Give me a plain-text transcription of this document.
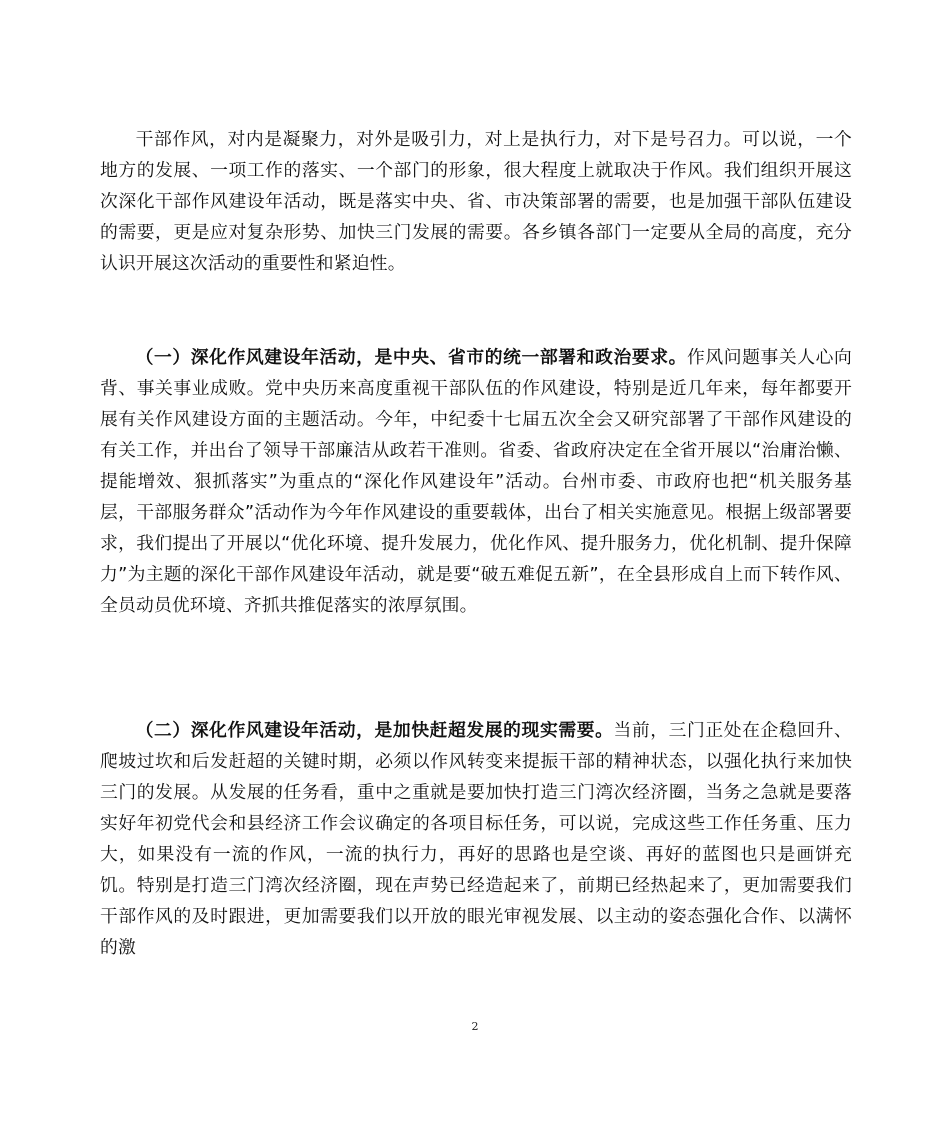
干部作风，对内是凝聚力，对外是吸引力，对上是执行力，对下是号召力。可以说，一个地方的发展、一项工作的落实、一个部门的形象，很大程度上就取决于作风。我们组织开展这次深化干部作风建设年活动，既是落实中央、省、市决策部署的需要，也是加强干部队伍建设的需要，更是应对复杂形势、加快三门发展的需要。各乡镇各部门一定要从全局的高度，充分认识开展这次活动的重要性和紧迫性。

（一）深化作风建设年活动，是中央、省市的统一部署和政治要求。作风问题事关人心向背、事关事业成败。党中央历来高度重视干部队伍的作风建设，特别是近几年来，每年都要开展有关作风建设方面的主题活动。今年，中纪委十七届五次全会又研究部署了干部作风建设的有关工作，并出台了领导干部廉洁从政若干准则。省委、省政府决定在全省开展以“治庸治懒、提能增效、狠抓落实”为重点的“深化作风建设年”活动。台州市委、市政府也把“机关服务基层，干部服务群众”活动作为今年作风建设的重要载体，出台了相关实施意见。根据上级部署要求，我们提出了开展以“优化环境、提升发展力，优化作风、提升服务力，优化机制、提升保障力”为主题的深化干部作风建设年活动，就是要“破五难促五新”，在全县形成自上而下转作风、全员动员优环境、齐抓共推促落实的浓厚氛围。

（二）深化作风建设年活动，是加快赶超发展的现实需要。当前，三门正处在企稳回升、爬坡过坎和后发赶超的关键时期，必须以作风转变来提振干部的精神状态，以强化执行来加快三门的发展。从发展的任务看，重中之重就是要加快打造三门湾次经济圈，当务之急就是要落实好年初党代会和县经济工作会议确定的各项目标任务，可以说，完成这些工作任务重、压力大，如果没有一流的作风，一流的执行力，再好的思路也是空谈、再好的蓝图也只是画饼充饥。特别是打造三门湾次经济圈，现在声势已经造起来了，前期已经热起来了，更加需要我们干部作风的及时跟进，更加需要我们以开放的眼光审视发展、以主动的姿态强化合作、以满怀的激

2
